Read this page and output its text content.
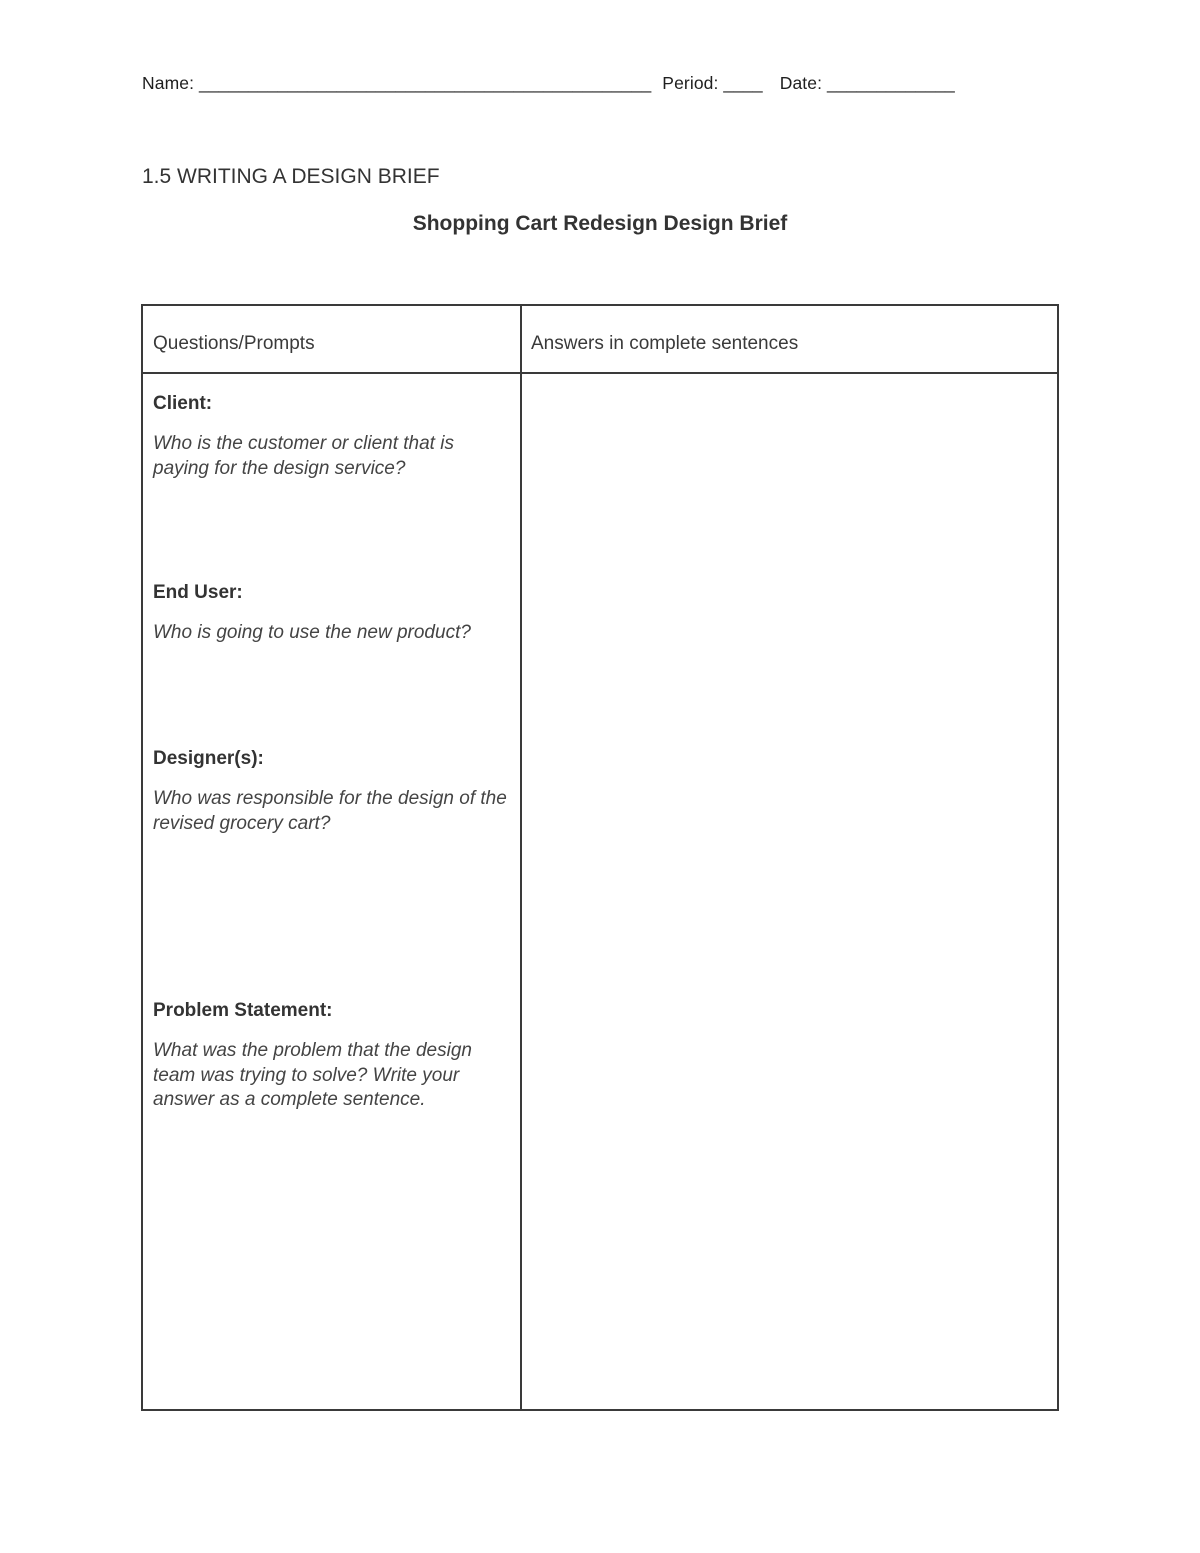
Name: ______________________________________________ Period: ____ Date: _____________
1.5 WRITING A DESIGN BRIEF
Shopping Cart Redesign Design Brief
Questions/Prompts	Answers in complete sentences
Client:
Who is the customer or client that is paying for the design service?
End User:
Who is going to use the new product?
Designer(s):
Who was responsible for the design of the revised grocery cart?
Problem Statement:
What was the problem that the design team was trying to solve? Write your answer as a complete sentence.
